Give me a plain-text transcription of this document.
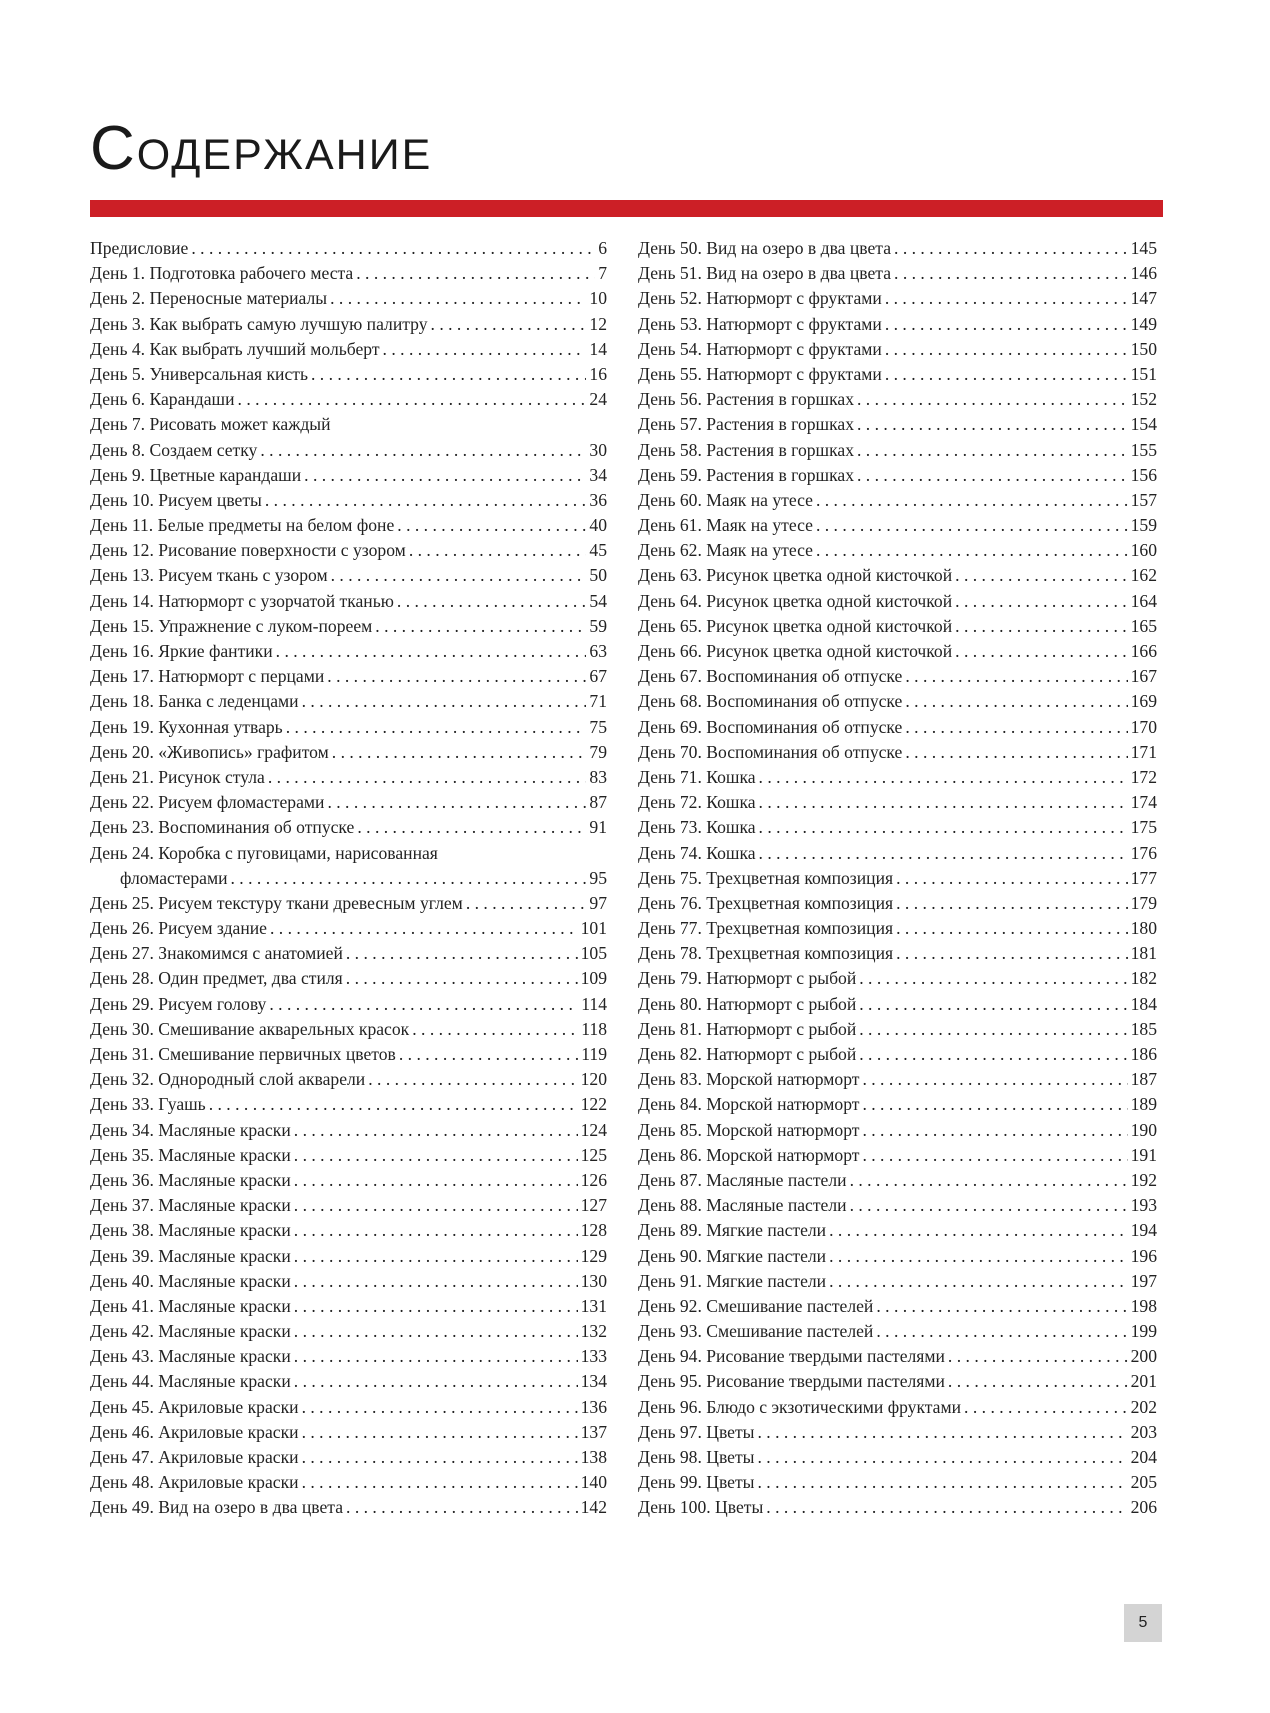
Содержание
Предисловие . . .	6
День 1. Подготовка рабочего места . . .	7
День 2. Переносные материалы . . .	10
День 3. Как выбрать самую лучшую палитру . . .	12
День 4. Как выбрать лучший мольберт . . .	14
День 5. Универсальная кисть . . .	16
День 6. Карандаши . . .	24
День 7. Рисовать может каждый
День 8. Создаем сетку . . .	30
День 9. Цветные карандаши . . .	34
День 10. Рисуем цветы . . .	36
День 11. Белые предметы на белом фоне . . .	40
День 12. Рисование поверхности с узором . . .	45
День 13. Рисуем ткань с узором . . .	50
День 14. Натюрморт с узорчатой тканью . . .	54
День 15. Упражнение с луком-пореем . . .	59
День 16. Яркие фантики . . .	63
День 17. Натюрморт с перцами . . .	67
День 18. Банка с леденцами . . .	71
День 19. Кухонная утварь . . .	75
День 20. «Живопись» графитом . . .	79
День 21. Рисунок стула . . .	83
День 22. Рисуем фломастерами . . .	87
День 23. Воспоминания об отпуске . . .	91
День 24. Коробка с пуговицами, нарисованная
фломастерами . . .	95
День 25. Рисуем текстуру ткани древесным углем . . .	97
День 26. Рисуем здание . . .	101
День 27. Знакомимся с анатомией . . .	105
День 28. Один предмет, два стиля . . .	109
День 29. Рисуем голову . . .	114
День 30. Смешивание акварельных красок . . .	118
День 31. Смешивание первичных цветов . . .	119
День 32. Однородный слой акварели . . .	120
День 33. Гуашь . . .	122
День 34. Масляные краски . . .	124
День 35. Масляные краски . . .	125
День 36. Масляные краски . . .	126
День 37. Масляные краски . . .	127
День 38. Масляные краски . . .	128
День 39. Масляные краски . . .	129
День 40. Масляные краски . . .	130
День 41. Масляные краски . . .	131
День 42. Масляные краски . . .	132
День 43. Масляные краски . . .	133
День 44. Масляные краски . . .	134
День 45. Акриловые краски . . .	136
День 46. Акриловые краски . . .	137
День 47. Акриловые краски . . .	138
День 48. Акриловые краски . . .	140
День 49. Вид на озеро в два цвета . . .	142
День 50. Вид на озеро в два цвета . . .	145
День 51. Вид на озеро в два цвета . . .	146
День 52. Натюрморт с фруктами . . .	147
День 53. Натюрморт с фруктами . . .	149
День 54. Натюрморт с фруктами . . .	150
День 55. Натюрморт с фруктами . . .	151
День 56. Растения в горшках . . .	152
День 57. Растения в горшках . . .	154
День 58. Растения в горшках . . .	155
День 59. Растения в горшках . . .	156
День 60. Маяк на утесе . . .	157
День 61. Маяк на утесе . . .	159
День 62. Маяк на утесе . . .	160
День 63. Рисунок цветка одной кисточкой . . .	162
День 64. Рисунок цветка одной кисточкой . . .	164
День 65. Рисунок цветка одной кисточкой . . .	165
День 66. Рисунок цветка одной кисточкой . . .	166
День 67. Воспоминания об отпуске . . .	167
День 68. Воспоминания об отпуске . . .	169
День 69. Воспоминания об отпуске . . .	170
День 70. Воспоминания об отпуске . . .	171
День 71. Кошка . . .	172
День 72. Кошка . . .	174
День 73. Кошка . . .	175
День 74. Кошка . . .	176
День 75. Трехцветная композиция . . .	177
День 76. Трехцветная композиция . . .	179
День 77. Трехцветная композиция . . .	180
День 78. Трехцветная композиция . . .	181
День 79. Натюрморт с рыбой . . .	182
День 80. Натюрморт с рыбой . . .	184
День 81. Натюрморт с рыбой . . .	185
День 82. Натюрморт с рыбой . . .	186
День 83. Морской натюрморт . . .	187
День 84. Морской натюрморт . . .	189
День 85. Морской натюрморт . . .	190
День 86. Морской натюрморт . . .	191
День 87. Масляные пастели . . .	192
День 88. Масляные пастели . . .	193
День 89. Мягкие пастели . . .	194
День 90. Мягкие пастели . . .	196
День 91. Мягкие пастели . . .	197
День 92. Смешивание пастелей . . .	198
День 93. Смешивание пастелей . . .	199
День 94. Рисование твердыми пастелями . . .	200
День 95. Рисование твердыми пастелями . . .	201
День 96. Блюдо с экзотическими фруктами . . .	202
День 97. Цветы . . .	203
День 98. Цветы . . .	204
День 99. Цветы . . .	205
День 100. Цветы . . .	206
5
